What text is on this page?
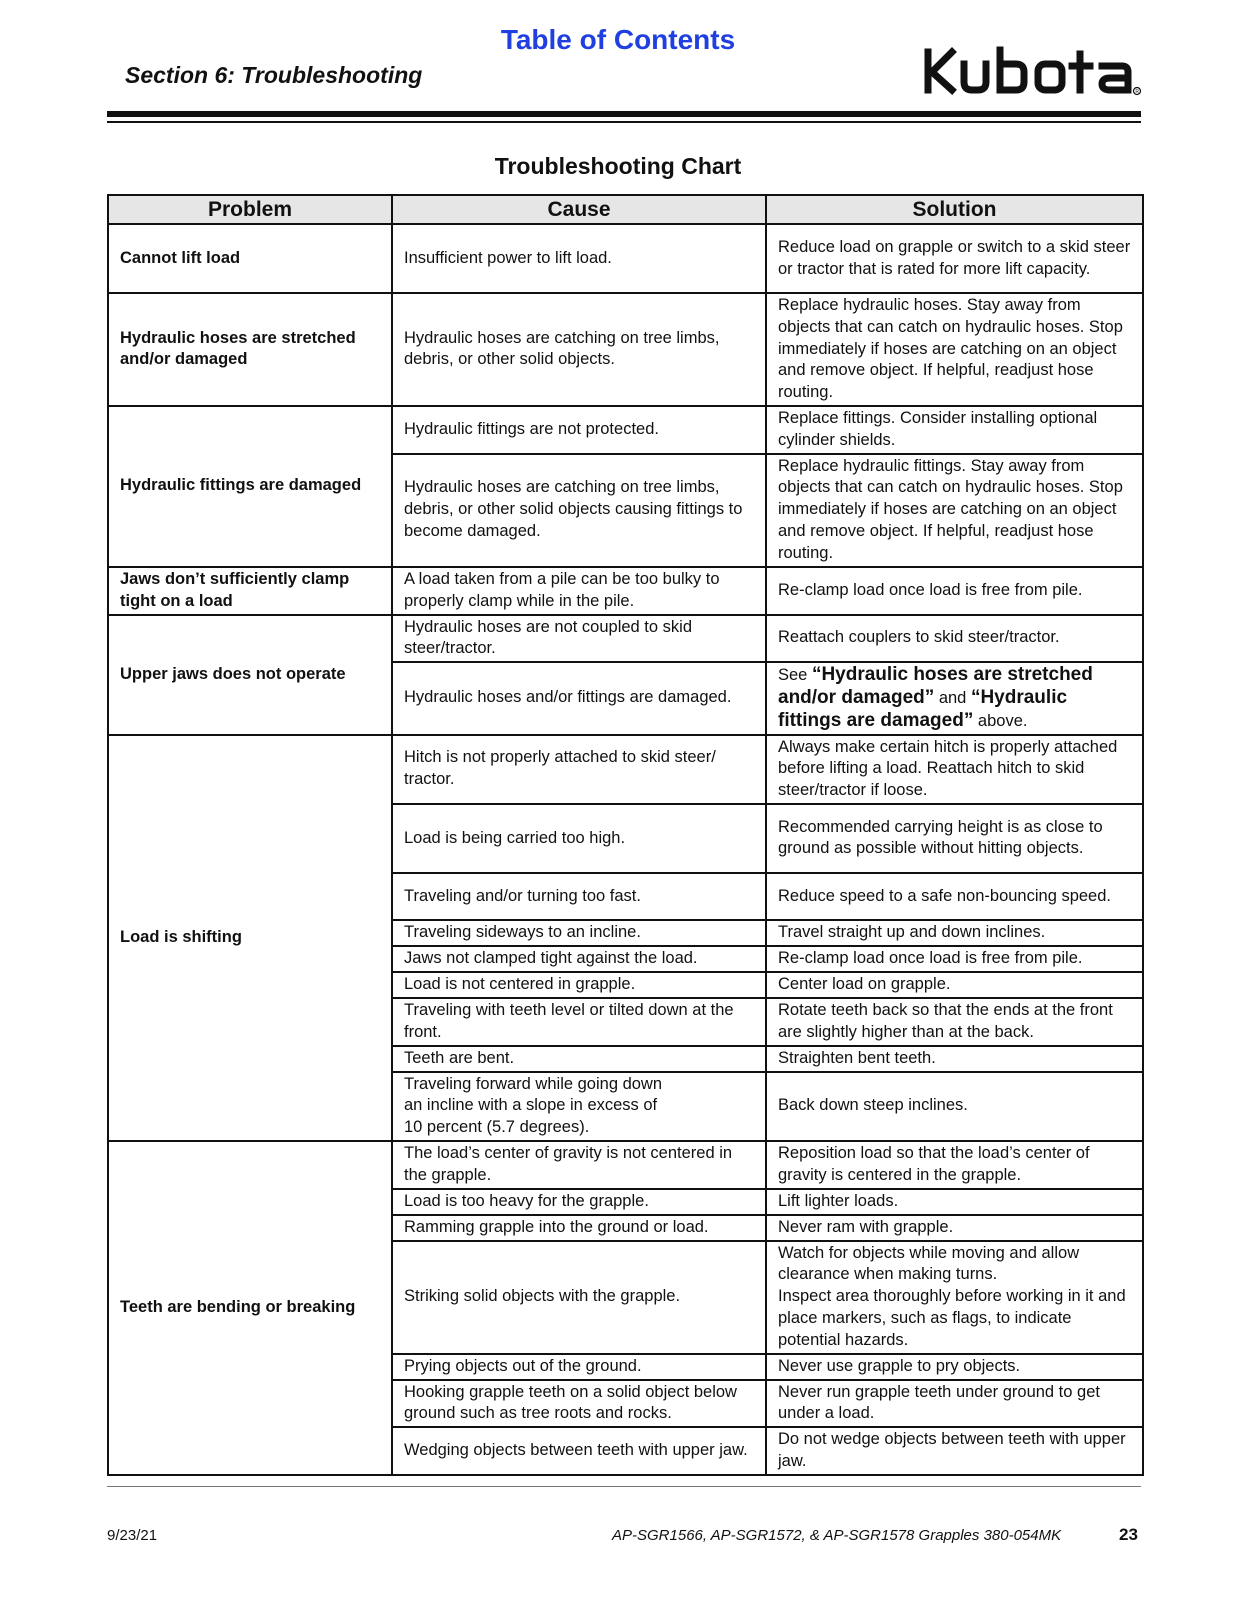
Table of Contents
Section 6: Troubleshooting
R
Troubleshooting Chart
Problem	Cause	Solution
Cannot lift load	Insufficient power to lift load.	Reduce load on grapple or switch to a skid steer or tractor that is rated for more lift capacity.
Hydraulic hoses are stretched and/or damaged	Hydraulic hoses are catching on tree limbs, debris, or other solid objects.	Replace hydraulic hoses. Stay away from objects that can catch on hydraulic hoses. Stop immediately if hoses are catching on an object and remove object. If helpful, readjust hose routing.
Hydraulic fittings are damaged	Hydraulic fittings are not protected.	Replace fittings. Consider installing optional cylinder shields.
	Hydraulic hoses are catching on tree limbs, debris, or other solid objects causing fittings to become damaged.	Replace hydraulic fittings. Stay away from objects that can catch on hydraulic hoses. Stop immediately if hoses are catching on an object and remove object. If helpful, readjust hose routing.
Jaws don’t sufficiently clamp tight on a load	A load taken from a pile can be too bulky to properly clamp while in the pile.	Re-clamp load once load is free from pile.
Upper jaws does not operate	Hydraulic hoses are not coupled to skid steer/tractor.	Reattach couplers to skid steer/tractor.
	Hydraulic hoses and/or fittings are damaged.	See “Hydraulic hoses are stretched and/or damaged” and “Hydraulic fittings are damaged” above.
Load is shifting	Hitch is not properly attached to skid steer/ tractor.	Always make certain hitch is properly attached before lifting a load. Reattach hitch to skid steer/tractor if loose.
	Load is being carried too high.	Recommended carrying height is as close to ground as possible without hitting objects.
	Traveling and/or turning too fast.	Reduce speed to a safe non-bouncing speed.
	Traveling sideways to an incline.	Travel straight up and down inclines.
	Jaws not clamped tight against the load.	Re-clamp load once load is free from pile.
	Load is not centered in grapple.	Center load on grapple.
	Traveling with teeth level or tilted down at the front.	Rotate teeth back so that the ends at the front are slightly higher than at the back.
	Teeth are bent.	Straighten bent teeth.

	Traveling forward while going down
an incline with a slope in excess of
10 percent (5.7 degrees).	Back down steep inclines.
Teeth are bending or breaking	The load’s center of gravity is not centered in the grapple.	Reposition load so that the load’s center of gravity is centered in the grapple.
	Load is too heavy for the grapple.	Lift lighter loads.
	Ramming grapple into the ground or load.	Never ram with grapple.
	Striking solid objects with the grapple.	Watch for objects while moving and allow clearance when making turns.
Inspect area thoroughly before working in it and place markers, such as flags, to indicate potential hazards.

	Prying objects out of the ground.	Never use grapple to pry objects.
	Hooking grapple teeth on a solid object below ground such as tree roots and rocks.	Never run grapple teeth under ground to get under a load.
	Wedging objects between teeth with upper jaw.	Do not wedge objects between teeth with upper jaw.
9/23/21	AP-SGR1566, AP-SGR1572, & AP-SGR1578 Grapples 380-054MK	23
